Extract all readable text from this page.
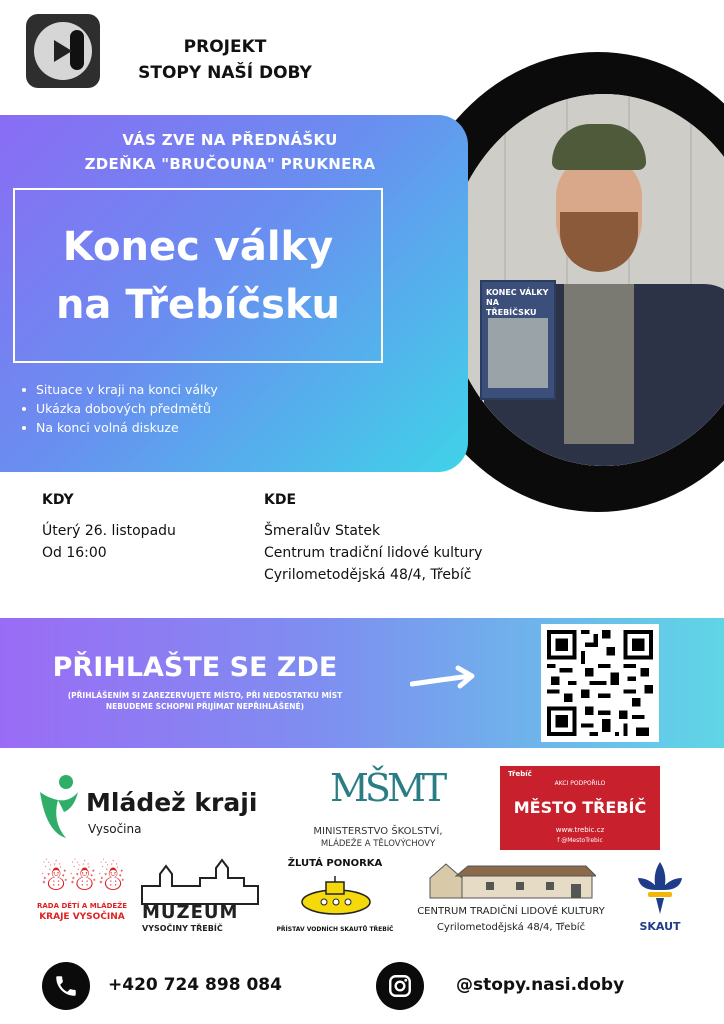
PROJEKT
STOPY NAŠÍ DOBY
KONEC VÁLKY
NA TŘEBÍČSKU
VÁS ZVE NA PŘEDNÁŠKU
ZDEŇKA "BRUČOUNA" PRUKNERA
Konec války
na Třebíčsku
Situace v kraji na konci války
Ukázka dobových předmětů
Na konci volná diskuze
KDY
Úterý 26. listopadu
Od 16:00
KDE
Šmeralův Statek
Centrum tradiční lidové kultury
Cyrilometodějská 48/4, Třebíč
PŘIHLAŠTE SE ZDE
(PŘIHLÁŠENÍM SI ZAREZERVUJETE MÍSTO, PŘI NEDOSTATKU MÍST
NEBUDEME SCHOPNI PŘIJÍMAT NEPŘIHLÁŠENÉ)
Mládež kraji
Vysočina
MŠMT
MINISTERSTVO ŠKOLSTVÍ,
MLÁDEŽE A TĚLOVÝCHOVY
Třebíč
AKCI PODPOŘILO
MĚSTO TŘEBÍČ
www.trebic.cz
f @MestoTrebic
☃☃☃
RADA DĚTÍ A MLÁDEŽE
KRAJE VYSOČINA MUZEUM
VYSOČINY TŘEBÍČ
ŽLUTÁ PONORKA
PŘÍSTAV VODNÍCH SKAUTŮ TŘEBÍČ
CENTRUM TRADIČNÍ LIDOVÉ KULTURY
Cyrilometodějská 48/4, Třebíč	SKAUT
+420 724 898 084	@stopy.nasi.doby
